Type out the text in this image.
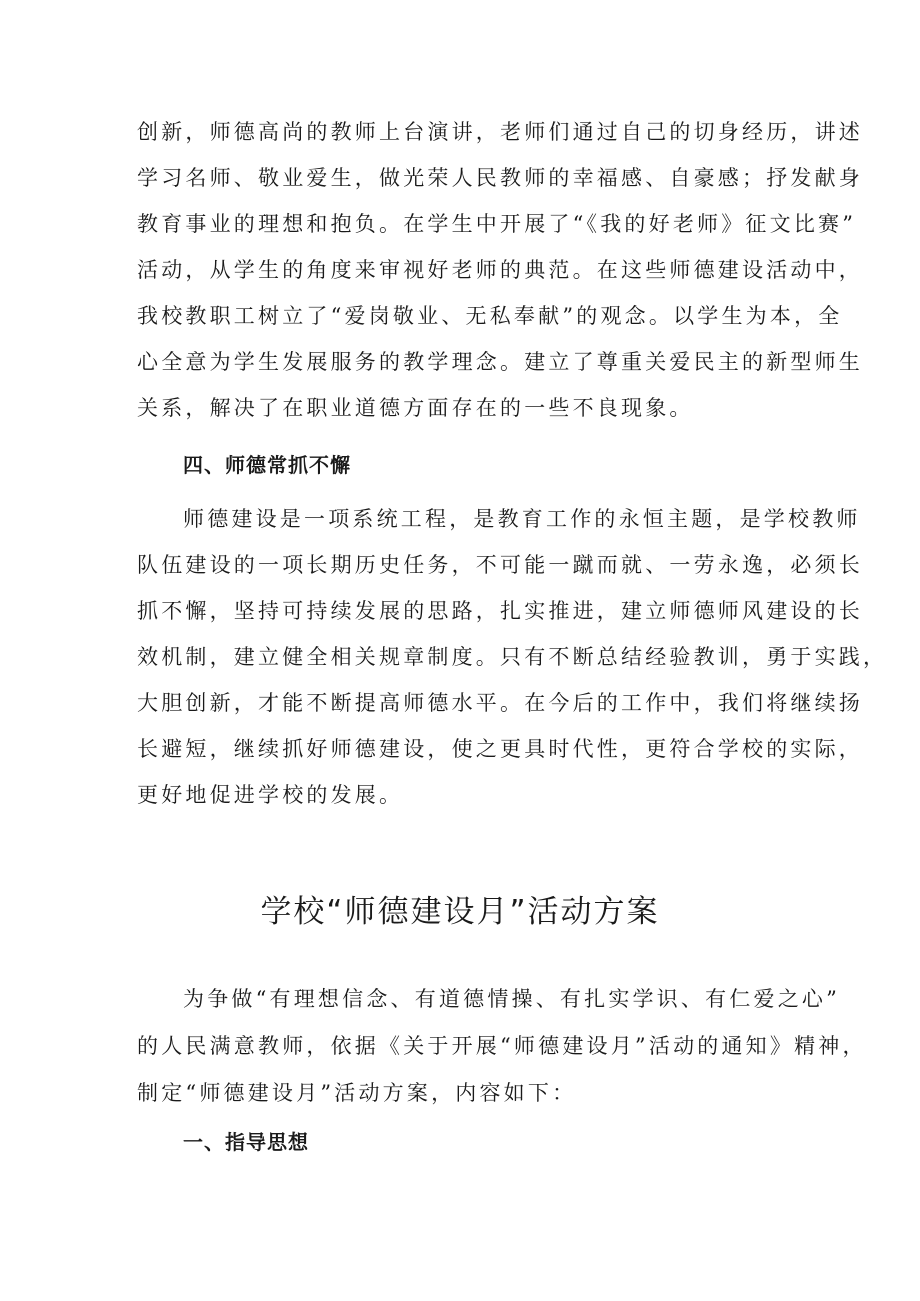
创新，师德高尚的教师上台演讲，老师们通过自己的切身经历，讲述
学习名师、敬业爱生，做光荣人民教师的幸福感、自豪感；抒发献身
教育事业的理想和抱负。在学生中开展了“《我的好老师》征文比赛”
活动，从学生的角度来审视好老师的典范。在这些师德建设活动中，
我校教职工树立了“爱岗敬业、无私奉献”的观念。以学生为本，全
心全意为学生发展服务的教学理念。建立了尊重关爱民主的新型师生
关系，解决了在职业道德方面存在的一些不良现象。
四、师德常抓不懈
师德建设是一项系统工程，是教育工作的永恒主题，是学校教师
队伍建设的一项长期历史任务，不可能一蹴而就、一劳永逸，必须长
抓不懈，坚持可持续发展的思路，扎实推进，建立师德师风建设的长
效机制，建立健全相关规章制度。只有不断总结经验教训，勇于实践，
大胆创新，才能不断提高师德水平。在今后的工作中，我们将继续扬
长避短，继续抓好师德建设，使之更具时代性，更符合学校的实际，
更好地促进学校的发展。
学校“师德建设月”活动方案
为争做“有理想信念、有道德情操、有扎实学识、有仁爱之心”
的人民满意教师，依据《关于开展“师德建设月”活动的通知》精神，
制定“师德建设月”活动方案，内容如下：
一、指导思想
